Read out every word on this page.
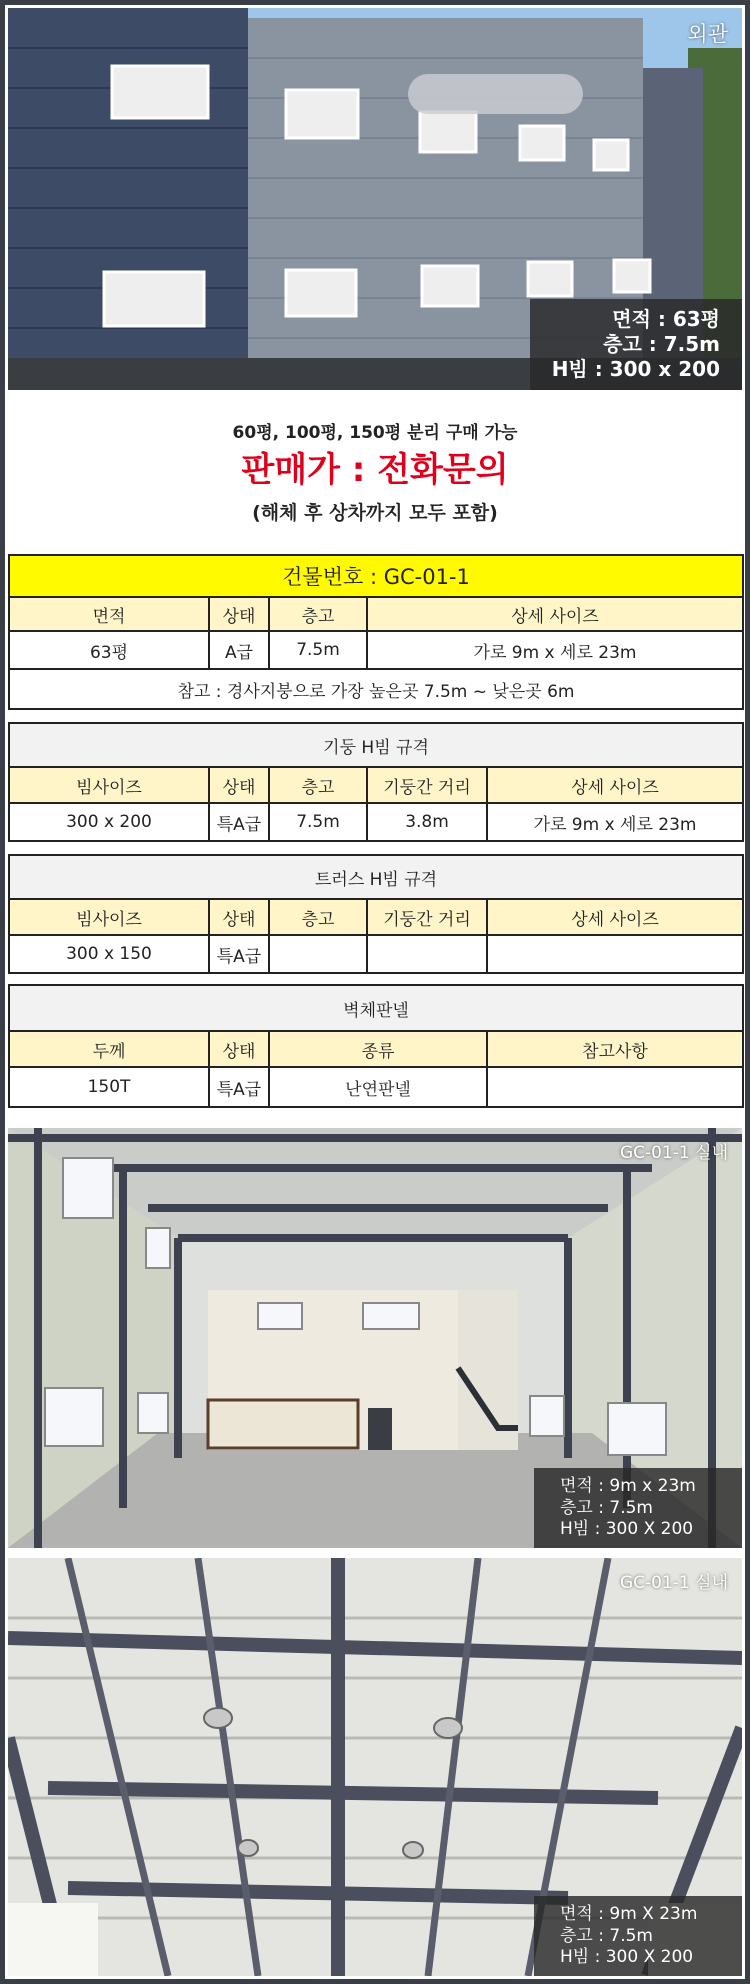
외관
면적 : 63평
층고 : 7.5m
H빔 : 300 x 200
60평, 100평, 150평 분리 구매 가능
판매가 : 전화문의
(해체 후 상차까지 모두 포함)
건물번호 : GC-01-1			
면적	상태	층고	상세 사이즈
63평	A급	7.5m	가로 9m x 세로 23m
참고 : 경사지붕으로 가장 높은곳 7.5m ~ 낮은곳 6m			
기둥 H빔 규격				
빔사이즈	상태	층고	기둥간 거리	상세 사이즈
300 x 200	특A급	7.5m	3.8m	가로 9m x 세로 23m
트러스 H빔 규격				
빔사이즈	상태	층고	기둥간 거리	상세 사이즈
300 x 150	특A급			
벽체판넬			
두께	상태	종류	참고사항
150T	특A급	난연판넬	
GC-01-1 실내
면적 : 9m x 23m
층고 : 7.5m
H빔 : 300 X 200
GC-01-1 실내
면적 : 9m X 23m
층고 : 7.5m
H빔 : 300 X 200
